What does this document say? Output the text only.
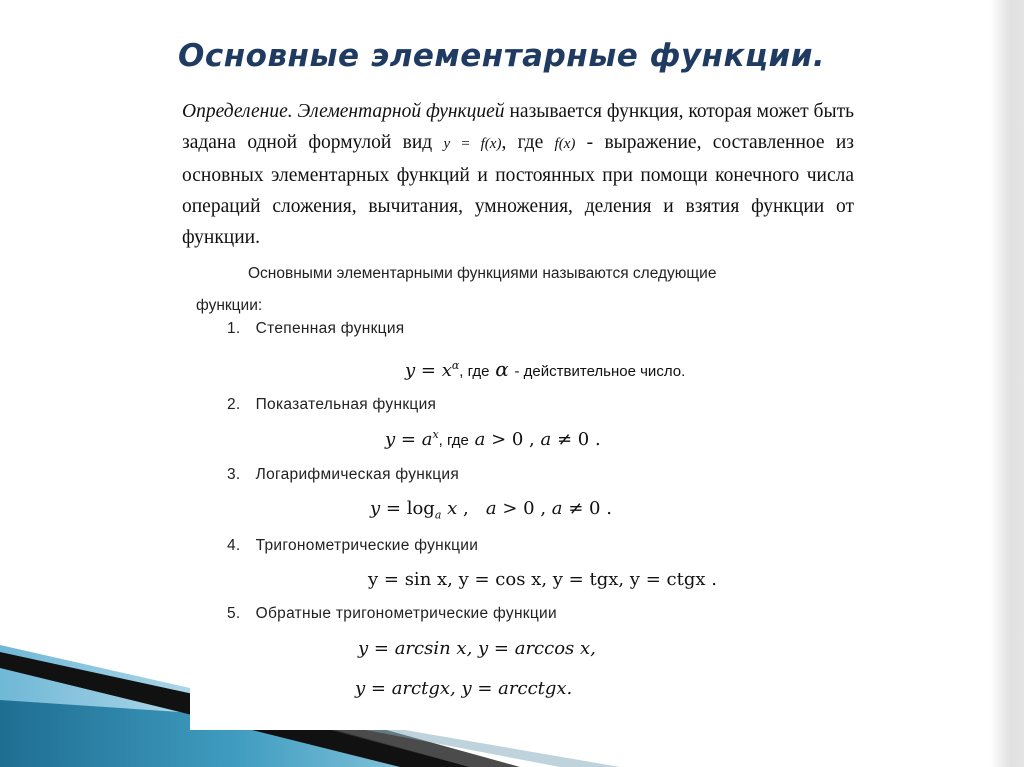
Основные элементарные функции.
Определение. Элементарной функцией называется функция, которая может быть задана одной формулой вид y = f(x), где f(x) - выражение, составленное из основных элементарных функций и постоянных при помощи конечного числа операций сложения, вычитания, умножения, деления и взятия функции от функции.
Основными элементарными функциями называются следующие
функции:
1. Степенная функция
$y = x^\alpha$, где α - действительное число.
2. Показательная функция
$y = a^x$, где a > 0 , a ≠ 0 .
3. Логарифмическая функция
$y = \log_a x$ ,   a > 0 , a ≠ 0 .
4. Тригонометрические функции
y = sin x, y = cos x, y = tgx, y = ctgx .
5. Обратные тригонометрические функции
y = arcsin x, y = arccos x,
y = arctgx, y = arcctgx.
